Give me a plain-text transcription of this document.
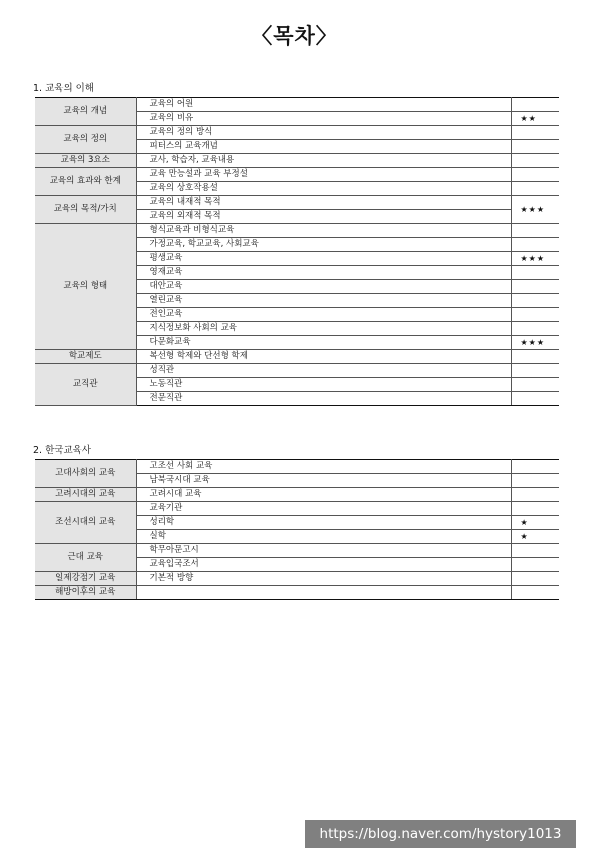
〈목차〉
1. 교육의 이해
교육의 개념	교육의 어원	
	교육의 비유	★★
교육의 정의	교육의 정의 방식	
	피터스의 교육개념	
교육의 3요소	교사, 학습자, 교육내용	
교육의 효과와 한계	교육 만능설과 교육 부정설	
	교육의 상호작용설	
교육의 목적/가치	교육의 내재적 목적	★★★
	교육의 외재적 목적	
교육의 형태	형식교육과 비형식교육	
	가정교육, 학교교육, 사회교육	
	평생교육	★★★
	영재교육	
	대안교육	
	열린교육	
	전인교육	
	지식정보화 사회의 교육	
	다문화교육	★★★
학교제도	복선형 학제와 단선형 학제	
교직관	성직관	
	노동직관	
	전문직관	
2. 한국교육사
고대사회의 교육	고조선 사회 교육	
	남북국시대 교육	
고려시대의 교육	고려시대 교육	
조선시대의 교육	교육기관	
	성리학	★
	실학	★
근대 교육	학무아문고시	
	교육입국조서	
일제강점기 교육	기본적 방향	
해방이후의 교육		
https://blog.naver.com/hystory1013
